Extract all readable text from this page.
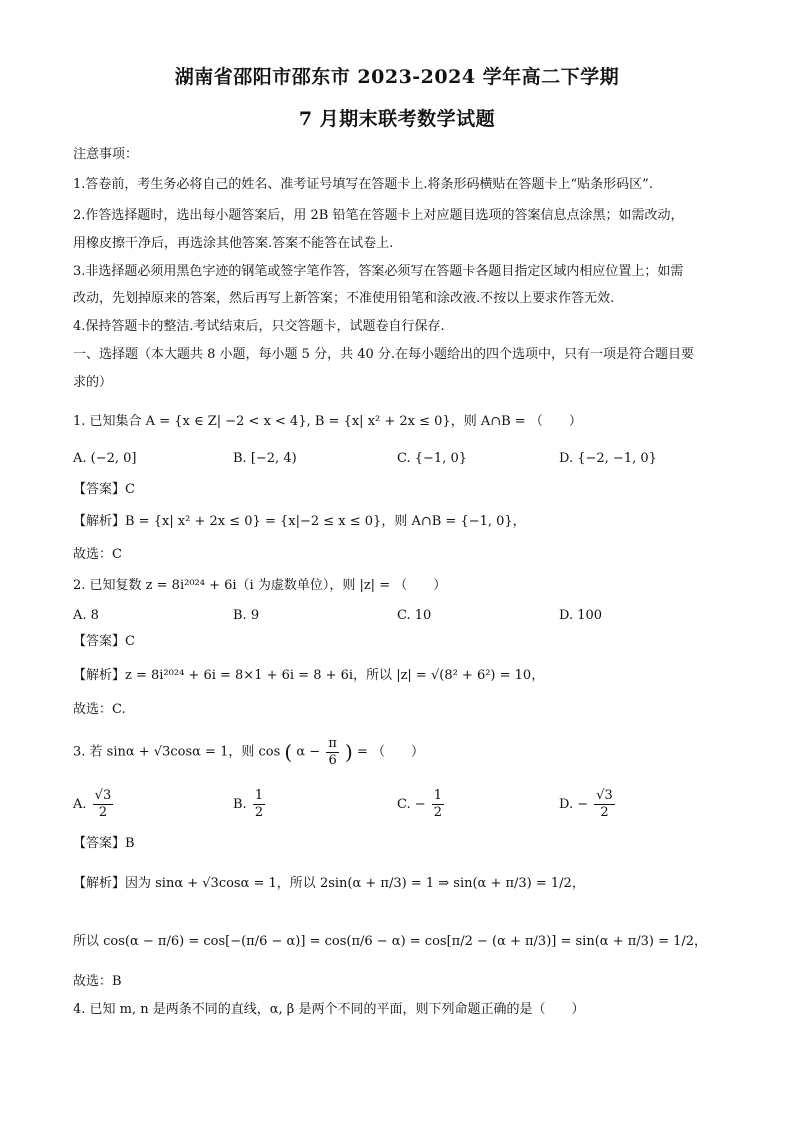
湖南省邵阳市邵东市 2023-2024 学年高二下学期
7 月期末联考数学试题
注意事项：
1.答卷前，考生务必将自己的姓名、准考证号填写在答题卡上.将条形码横贴在答题卡上“贴条形码区”.
2.作答选择题时，选出每小题答案后，用 2B 铅笔在答题卡上对应题目选项的答案信息点涂黑；如需改动，
用橡皮擦干净后，再选涂其他答案.答案不能答在试卷上.
3.非选择题必须用黑色字迹的钢笔或签字笔作答，答案必须写在答题卡各题目指定区域内相应位置上；如需
改动，先划掉原来的答案，然后再写上新答案；不准使用铅笔和涂改液.不按以上要求作答无效.
4.保持答题卡的整洁.考试结束后，只交答题卡，试题卷自行保存.
一、选择题（本大题共 8 小题，每小题 5 分，共 40 分.在每小题给出的四个选项中，只有一项是符合题目要
求的）
1. 已知集合 A = {x ∈ Z| −2 < x < 4}, B = {x| x² + 2x ≤ 0}，则 A∩B = （　　）
A. (−2, 0]	B. [−2, 4)	C. {−1, 0}	D. {−2, −1, 0}
【答案】C
【解析】B = {x| x² + 2x ≤ 0} = {x|−2 ≤ x ≤ 0}，则 A∩B = {−1, 0}，
故选：C
2. 已知复数 z = 8i²⁰²⁴ + 6i（i 为虚数单位），则 |z| = （　　）
A. 8	B. 9	C. 10	D. 100
【答案】C
【解析】z = 8i²⁰²⁴ + 6i = 8×1 + 6i = 8 + 6i，所以 |z| = √(8² + 6²) = 10，
故选：C.
3. 若 sinα + √3cosα = 1，则 cos ( $\alpha - \frac{\pi}{6}$ ) = （　　）
A. $\frac{√3}{2}$	B. $\frac{1}{2}$	C. − $\frac{1}{2}$	D. − $\frac{√3}{2}$
【答案】B
【解析】因为 sinα + √3cosα = 1，所以 2sin(α + π/3) = 1 ⇒ sin(α + π/3) = 1/2，
所以 cos(α − π/6) = cos[−(π/6 − α)] = cos(π/6 − α) = cos[π/2 − (α + π/3)] = sin(α + π/3) = 1/2，
故选：B
4. 已知 m, n 是两条不同的直线，α, β 是两个不同的平面，则下列命题正确的是（　　）
